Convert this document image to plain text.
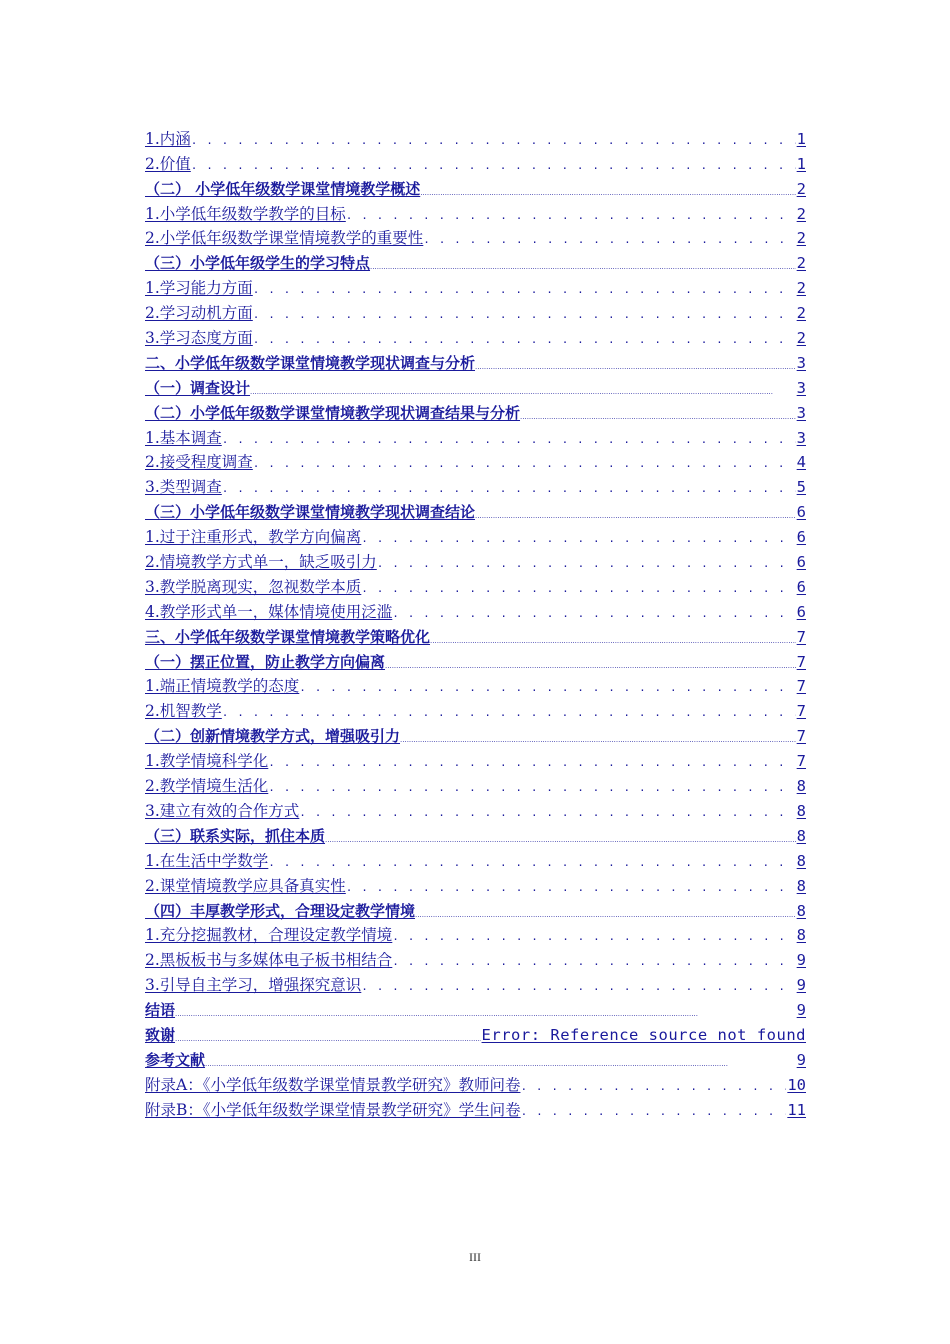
1.内涵 . . .	1
2.价值 . . .	1
（二） 小学低年级数学课堂情境教学概述 .....	2
1.小学低年级数学教学的目标 . . .	2
2.小学低年级数学课堂情境教学的重要性 . . .	2
（三）小学低年级学生的学习特点 .....	2
1.学习能力方面 . . .	2
2.学习动机方面 . . .	2
3.学习态度方面 . . .	2
二、小学低年级数学课堂情境教学现状调查与分析 .....	3
（一）调查设计 .....	3
（二）小学低年级数学课堂情境教学现状调查结果与分析 .....	3
1.基本调查 . . .	3
2.接受程度调查 . . .	4
3.类型调查 . . .	5
（三）小学低年级数学课堂情境教学现状调查结论 .....	6
1.过于注重形式，教学方向偏离 . . .	6
2.情境教学方式单一，缺乏吸引力 . . .	6
3.教学脱离现实，忽视数学本质 . . .	6
4.教学形式单一，媒体情境使用泛滥 . . .	6
三、小学低年级数学课堂情境教学策略优化 .....	7
（一）摆正位置，防止教学方向偏离 .....	7
1.端正情境教学的态度 . . .	7
2.机智教学 . . .	7
（二）创新情境教学方式，增强吸引力 .....	7
1.教学情境科学化 . . .	7
2.教学情境生活化 . . .	8
3.建立有效的合作方式 . . .	8
（三）联系实际，抓住本质 .....	8
1.在生活中学数学 . . .	8
2.课堂情境教学应具备真实性 . . .	8
（四）丰厚教学形式，合理设定教学情境 .....	8
1.充分挖掘教材，合理设定教学情境 . . .	8
2.黑板板书与多媒体电子板书相结合 . . .	9
3.引导自主学习，增强探究意识 . . .	9
结语 .....	9
致谢 .....	Error: Reference source not found
参考文献 .....	9
附录A：《小学低年级数学课堂情景教学研究》教师问卷 . . .	10
附录B：《小学低年级数学课堂情景教学研究》学生问卷 . . .	11
III
